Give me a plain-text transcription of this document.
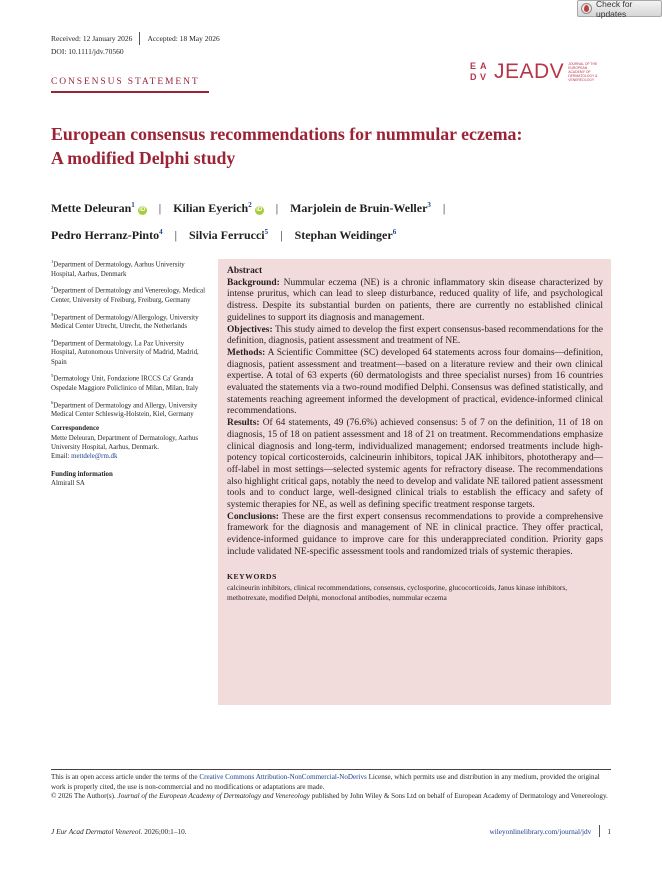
Check for updates
Received: 12 January 2026 Accepted: 18 May 2026
DOI: 10.1111/jdv.70560
CONSENSUS STATEMENT
E A
D V JEADV JOURNAL OF THE EUROPEAN ACADEMY OF DERMATOLOGY & VENEREOLOGY
European consensus recommendations for nummular eczema:
A modified Delphi study
Mette Deleuran$^1$iD | Kilian Eyerich$^2$iD | Marjolein de Bruin-Weller$^3$ |
Pedro Herranz-Pinto$^4$ | Silvia Ferrucci$^5$ | Stephan Weidinger$^6$
$^1$Department of Dermatology, Aarhus University Hospital, Aarhus, Denmark
$^2$Department of Dermatology and Venereology, Medical Center, University of Freiburg, Freiburg, Germany
$^3$Department of Dermatology/Allergology, University Medical Center Utrecht, Utrecht, the Netherlands
$^4$Department of Dermatology, La Paz University Hospital, Autonomous University of Madrid, Madrid, Spain
$^5$Dermatology Unit, Fondazione IRCCS Ca' Granda Ospedale Maggiore Policlinico of Milan, Milan, Italy
$^6$Department of Dermatology and Allergy, University Medical Center Schleswig-Holstein, Kiel, Germany
Correspondence
Mette Deleuran, Department of Dermatology, Aarhus University Hospital, Aarhus, Denmark.
Email: mettdele@rm.dk
Funding information
Almirall SA
Abstract
Background: Nummular eczema (NE) is a chronic inflammatory skin disease characterized by intense pruritus, which can lead to sleep disturbance, reduced quality of life, and psychological distress. Despite its substantial burden on patients, there are currently no established clinical guidelines to support its diagnosis and management.
Objectives: This study aimed to develop the first expert consensus-based recommendations for the definition, diagnosis, patient assessment and treatment of NE.
Methods: A Scientific Committee (SC) developed 64 statements across four domains—definition, diagnosis, patient assessment and treatment—based on a literature review and their own clinical expertise. A total of 63 experts (60 dermatologists and three specialist nurses) from 16 countries evaluated the statements via a two-round modified Delphi. Consensus was defined statistically, and statements reaching agreement informed the development of practical, evidence-informed clinical recommendations.
Results: Of 64 statements, 49 (76.6%) achieved consensus: 5 of 7 on the definition, 11 of 18 on diagnosis, 15 of 18 on patient assessment and 18 of 21 on treatment. Recommendations emphasize clinical diagnosis and long-term, individualized management; endorsed treatments include high-potency topical corticosteroids, calcineurin inhibitors, topical JAK inhibitors, phototherapy and—off-label in most settings—selected systemic agents for refractory disease. The recommendations also highlight critical gaps, notably the need to develop and validate NE tailored patient assessment tools and to conduct large, well-designed clinical trials to establish the efficacy and safety of systemic therapies for NE, as well as defining specific treatment response targets.
Conclusions: These are the first expert consensus recommendations to provide a comprehensive framework for the diagnosis and management of NE in clinical practice. They offer practical, evidence-informed guidance to improve care for this underappreciated condition. Priority gaps include validated NE-specific assessment tools and randomized trials of systemic therapies.
KEYWORDS
calcineurin inhibitors, clinical recommendations, consensus, cyclosporine, glucocorticoids, Janus kinase inhibitors, methotrexate, modified Delphi, monoclonal antibodies, nummular eczema
This is an open access article under the terms of the Creative Commons Attribution-NonCommercial-NoDerivs License, which permits use and distribution in any medium, provided the original work is properly cited, the use is non-commercial and no modifications or adaptations are made.
© 2026 The Author(s). Journal of the European Academy of Dermatology and Venereology published by John Wiley & Sons Ltd on behalf of European Academy of Dermatology and Venereology.
J Eur Acad Dermatol Venereol. 2026;00:1–10.	wileyonlinelibrary.com/journal/jdv 1
